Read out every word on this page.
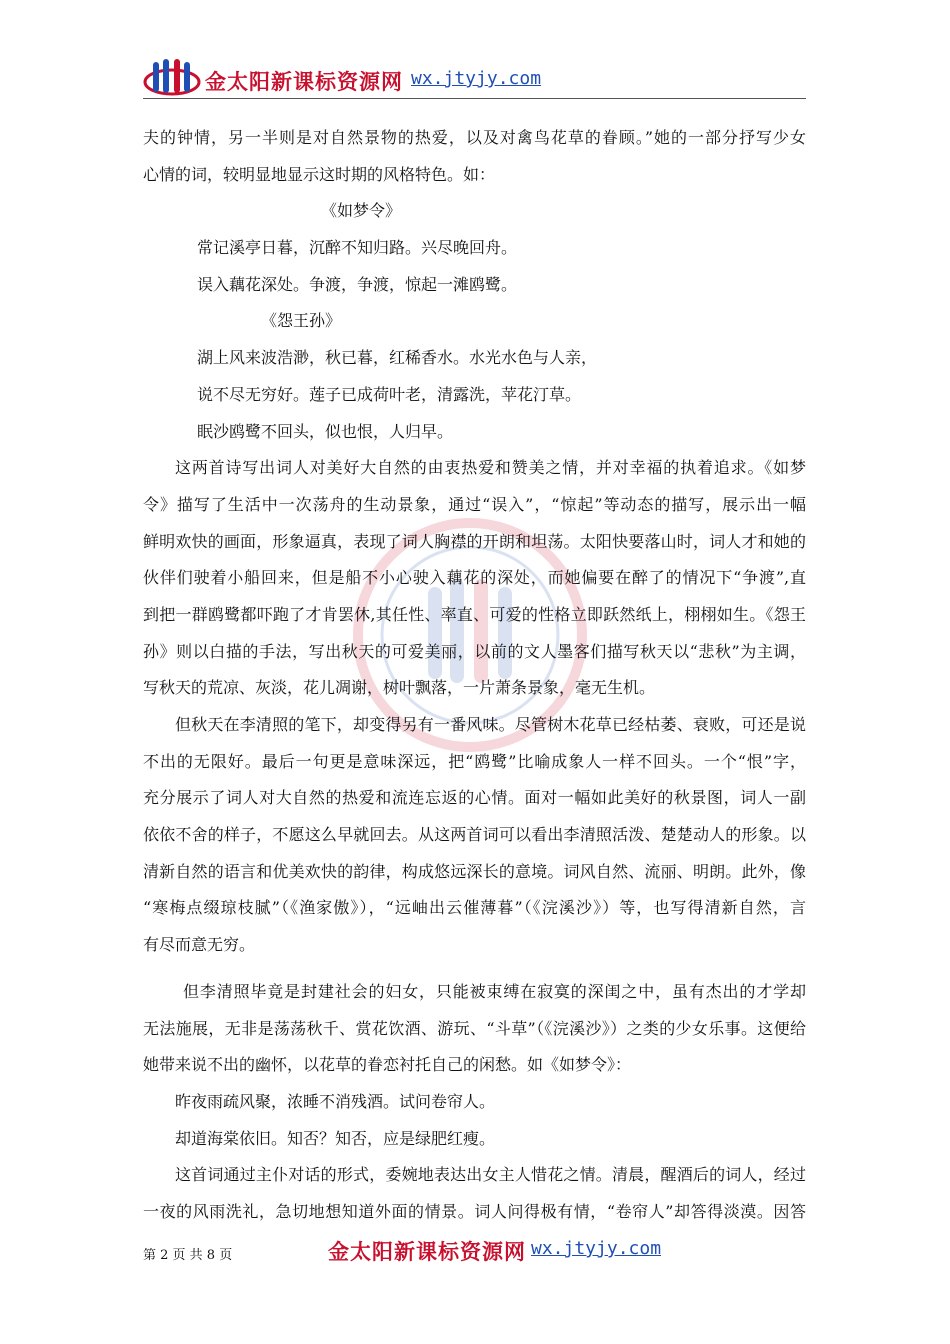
金太阳新课标资源网 wx.jtyjy.com
夫的钟情，另一半则是对自然景物的热爱，以及对禽鸟花草的眷顾。”她的一部分抒写少女
心情的词，较明显地显示这时期的风格特色。如：
《如梦令》
常记溪亭日暮，沉醉不知归路。兴尽晚回舟。
误入藕花深处。争渡，争渡，惊起一滩鸥鹭。
《怨王孙》
湖上风来波浩渺，秋已暮，红稀香水。水光水色与人亲，
说不尽无穷好。莲子已成荷叶老，清露洗，苹花汀草。
眠沙鸥鹭不回头，似也恨，人归早。
这两首诗写出词人对美好大自然的由衷热爱和赞美之情，并对幸福的执着追求。《如梦
令》描写了生活中一次荡舟的生动景象，通过“误入”，“惊起”等动态的描写，展示出一幅
鲜明欢快的画面，形象逼真，表现了词人胸襟的开朗和坦荡。太阳快要落山时，词人才和她的
伙伴们驶着小船回来，但是船不小心驶入藕花的深处，而她偏要在醉了的情况下“争渡”,直
到把一群鸥鹭都吓跑了才肯罢休,其任性、率直、可爱的性格立即跃然纸上，栩栩如生。《怨王
孙》则以白描的手法，写出秋天的可爱美丽，以前的文人墨客们描写秋天以“悲秋”为主调，
写秋天的荒凉、灰淡，花儿凋谢，树叶飘落，一片萧条景象，毫无生机。
但秋天在李清照的笔下，却变得另有一番风味。尽管树木花草已经枯萎、衰败，可还是说
不出的无限好。最后一句更是意味深远，把“鸥鹭”比喻成象人一样不回头。一个“恨”字，
充分展示了词人对大自然的热爱和流连忘返的心情。面对一幅如此美好的秋景图，词人一副
依依不舍的样子，不愿这么早就回去。从这两首词可以看出李清照活泼、楚楚动人的形象。以
清新自然的语言和优美欢快的韵律，构成悠远深长的意境。词风自然、流丽、明朗。此外，像
“寒梅点缀琼枝腻”（《渔家傲》），“远岫出云催薄暮”（《浣溪沙》）等，也写得清新自然，言
有尽而意无穷。
但李清照毕竟是封建社会的妇女，只能被束缚在寂寞的深闺之中，虽有杰出的才学却
无法施展，无非是荡荡秋千、赏花饮酒、游玩、“斗草”（《浣溪沙》）之类的少女乐事。这便给
她带来说不出的幽怀，以花草的眷恋衬托自己的闲愁。如《如梦令》：
昨夜雨疏风聚，浓睡不消残酒。试问卷帘人。
却道海棠依旧。知否？知否，应是绿肥红瘦。
这首词通过主仆对话的形式，委婉地表达出女主人惜花之情。清晨，醒酒后的词人，经过
一夜的风雨洗礼，急切地想知道外面的情景。词人问得极有情，“卷帘人”却答得淡漠。因答
第 2 页 共 8 页	金太阳新课标资源网 wx.jtyjy.com
